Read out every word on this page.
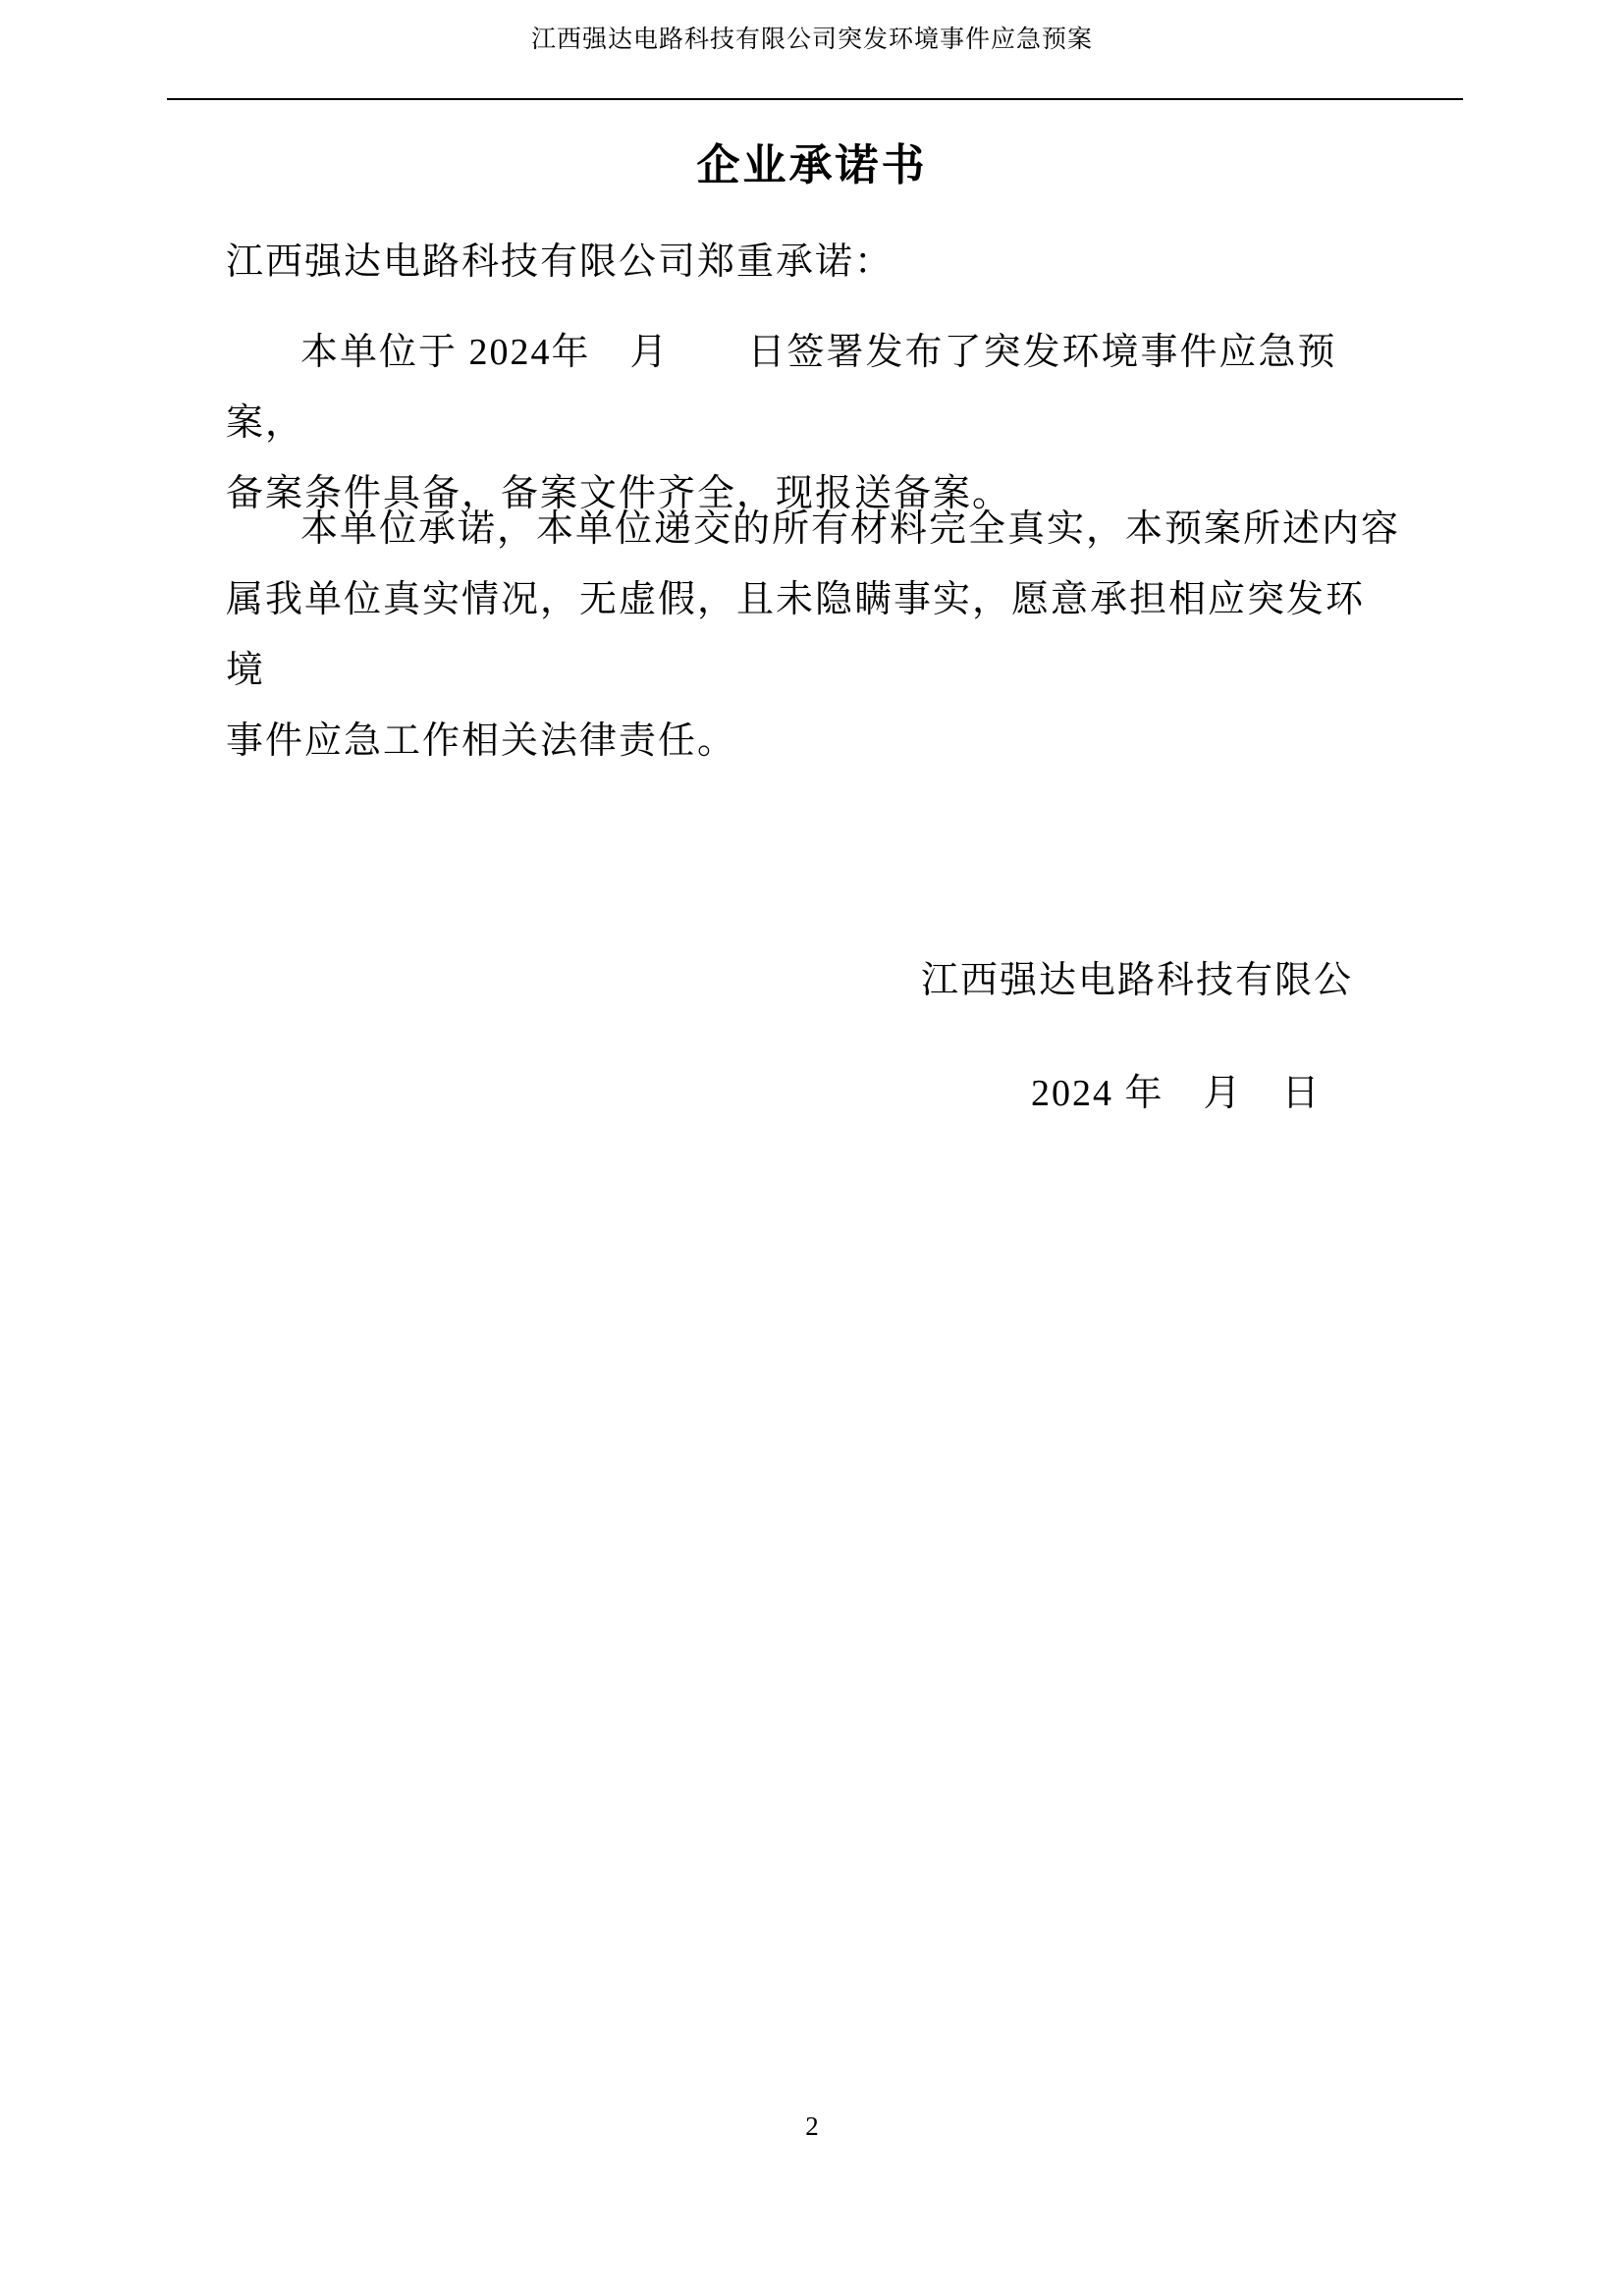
江西强达电路科技有限公司突发环境事件应急预案
企业承诺书
江西强达电路科技有限公司郑重承诺：
本单位于 2024年　月　　日签署发布了突发环境事件应急预案，
备案条件具备，备案文件齐全，现报送备案。
本单位承诺，本单位递交的所有材料完全真实，本预案所述内容
属我单位真实情况，无虚假，且未隐瞒事实，愿意承担相应突发环境
事件应急工作相关法律责任。
江西强达电路科技有限公
2024 年　月　日
2
